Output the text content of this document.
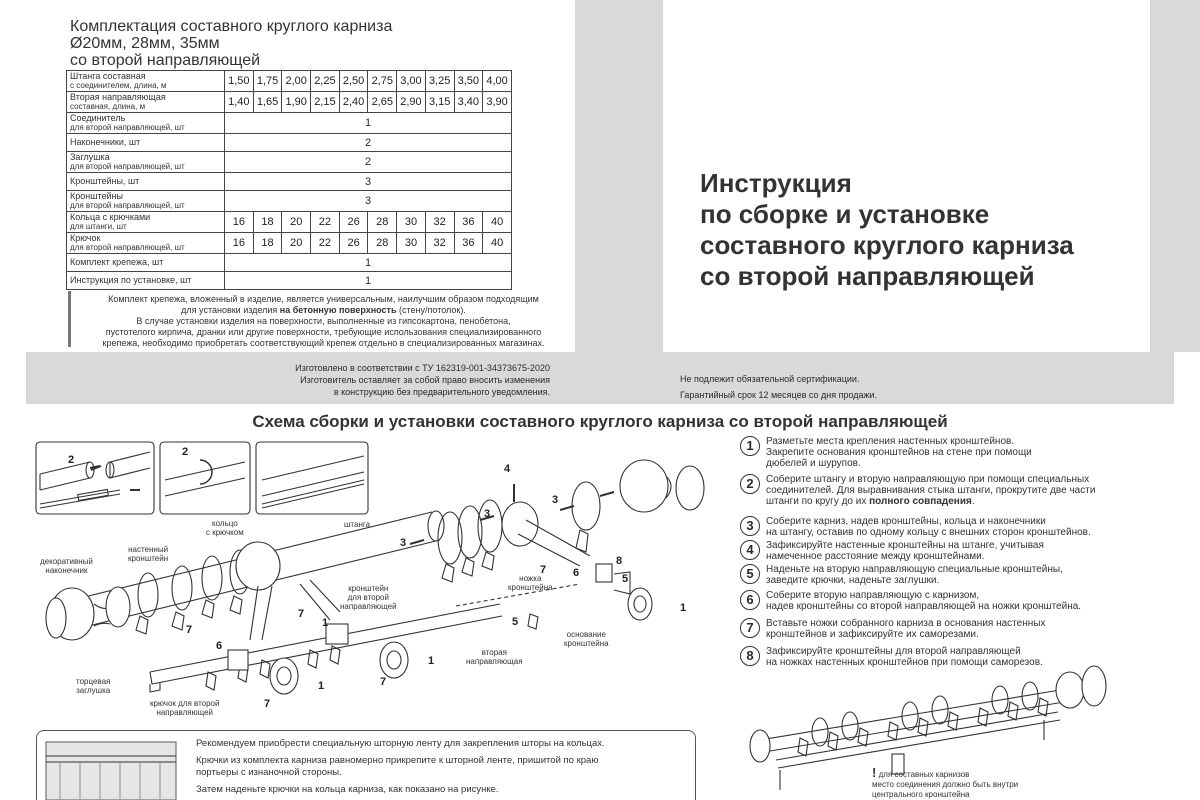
Комплектация составного круглого карниза
Ø20мм, 28мм, 35мм
со второй направляющей
Штанга составная
с соединителем, длина, м	1,50	1,75	2,00	2,25	2,50	2,75	3,00	3,25	3,50	4,00

Вторая направляющая
составная, длина, м	1,40	1,65	1,90	2,15	2,40	2,65	2,90	3,15	3,40	3,90

Соединитель
для второй направляющей, шт	1									

Наконечники, шт	2									

Заглушка
для второй направляющей, шт	2									

Кронштейны, шт	3									

Кронштейны
для второй направляющей, шт	3									

Кольца с крючками
для штанги, шт	16	18	20	22	26	28	30	32	36	40

Крючок
для второй направляющей, шт	16	18	20	22	26	28	30	32	36	40

Комплект крепежа, шт	1									

Инструкция по установке, шт	1									

Комплект крепежа, вложенный в изделие, является универсальным, наилучшим образом подходящим

для установки изделия на бетонную поверхность (стену/потолок).

В случае установки изделия на поверхности, выполненные из гипсокартона, пенобетона,

пустотелого кирпича, дранки или другие поверхности, требующие использования специализированного

крепежа, необходимо приобретать соответствующий крепеж отдельно в специализированных магазинах.

Изготовлено в соответствии с ТУ 162319-001-34373675-2020
Изготовитель оставляет за собой право вносить изменения
в конструкцию без предварительного уведомления.
Не подлежит обязательной сертификации.
Гарантийный срок 12 месяцев со дня продажи.
Инструкция
по сборке и установке
составного круглого карниза
со второй направляющей
Схема сборки и установки составного круглого карниза со второй направляющей
декоративный
наконечник
настенный
кронштейн
кольцо
с крючком
штанга
кронштейн
для второй
направляющей
ножка
кронштейна
основание
кронштейна
вторая
направляющая
торцевая
заглушка
крючок для второй
направляющей
2
2
4
3
3
3
7
6
7
7 6
1
7
8
5
5
1
1
1
7
1	Разметьте места крепления настенных кронштейнов.
Закрепите основания кронштейнов на стене при помощи
дюбелей и шурупов.
2	Соберите штангу и вторую направляющую при помощи специальных
соединителей. Для выравнивания стыка штанги, прокрутите две части
штанги по кругу до их полного совпадения.
3	Соберите карниз, надев кронштейны, кольца и наконечники
на штангу, оставив по одному кольцу с внешних сторон кронштейнов.
4	Зафиксируйте настенные кронштейны на штанге, учитывая
намеченное расстояние между кронштейнами.
5	Наденьте на вторую направляющую специальные кронштейны,
заведите крючки, наденьте заглушки.
6	Соберите вторую направляющую с карнизом,
надев кронштейны со второй направляющей на ножки кронштейна.
7	Вставьте ножки собранного карниза в основания настенных
кронштейнов и зафиксируйте их саморезами.
8	Зафиксируйте кронштейны для второй направляющей
на ножках настенных кронштейнов при помощи саморезов.

Рекомендуем приобрести специальную шторную ленту для закрепления шторы на кольцах.

Крючки из комплекта карниза равномерно прикрепите к шторной ленте, пришитой по краю
портьеры с изнаночной стороны.

Затем наденьте крючки на кольца карниза, как показано на рисунке.

! для составных карнизов
место соединения должно быть внутри
центрального кронштейна
